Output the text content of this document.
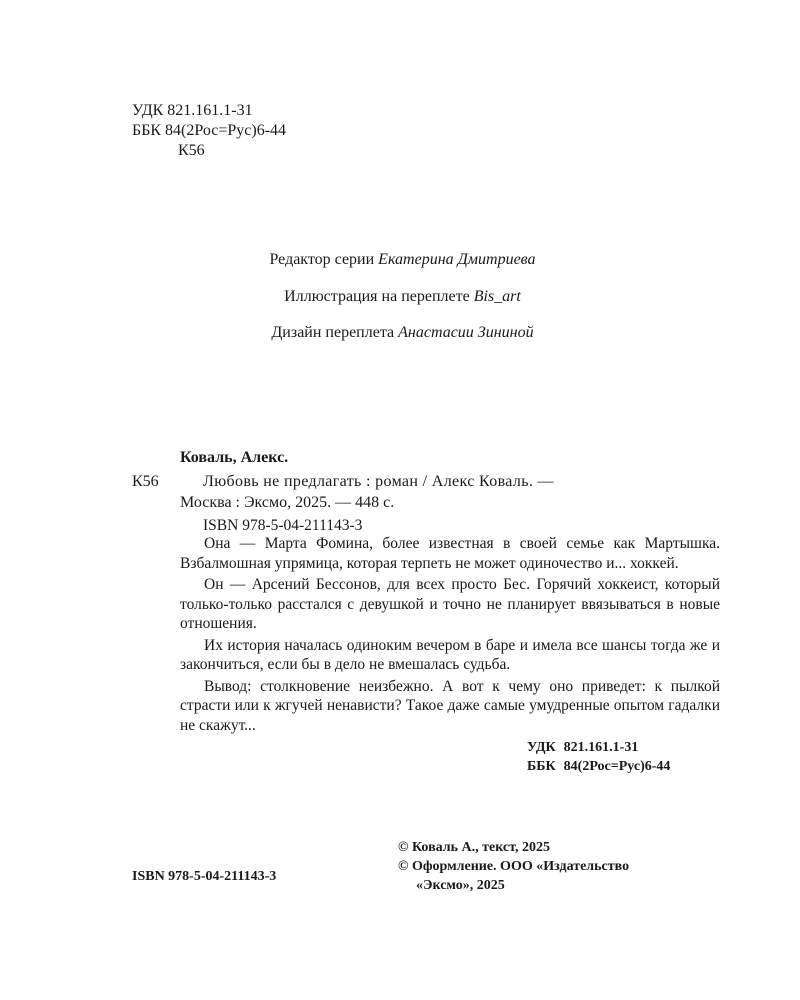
УДК 821.161.1-31
ББК 84(2Рос=Рус)6-44
К56
Редактор серии Екатерина Дмитриева
Иллюстрация на переплете Bis_art
Дизайн переплета Анастасии Зининой
Коваль, Алекс.
К56	Любовь не предлагать : роман / Алекс Коваль. —
Москва : Эксмо, 2025. — 448 с.
ISBN 978-5-04-211143-3

Она — Марта Фомина, более известная в своей семье как Мартышка. Взбалмошная упрямица, которая терпеть не может одиночество и... хоккей.

Он — Арсений Бессонов, для всех просто Бес. Горячий хоккеист, который только-только расстался с девушкой и точно не планирует ввязываться в новые отношения.

Их история началась одиноким вечером в баре и имела все шансы тогда же и закончиться, если бы в дело не вмешалась судьба.

Вывод: столкновение неизбежно. А вот к чему оно приведет: к пылкой страсти или к жгучей ненависти? Такое даже самые умудренные опытом гадалки не скажут...

УДК 821.161.1-31
ББК 84(2Рос=Рус)6-44
ISBN 978-5-04-211143-3
© Коваль А., текст, 2025
© Оформление. ООО «Издательство
«Эксмо», 2025
